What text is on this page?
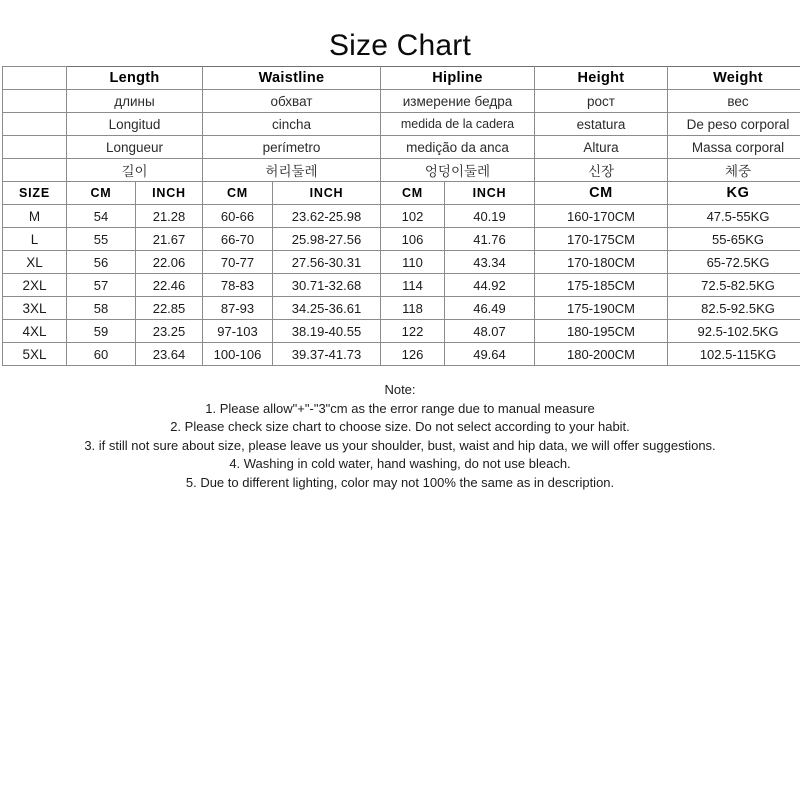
Size Chart
	Length		Waistline		Hipline		Height	Weight
	длины		обхват		измерение бедра		рост	вес
	Longitud		cincha		medida de la cadera		estatura	De peso corporal
	Longueur		perímetro		medição da anca		Altura	Massa corporal
	길이		허리둘레		엉덩이둘레		신장	체중
SIZE	CM	INCH	CM	INCH	CM	INCH	CM	KG
M	54	21.28	60-66	23.62-25.98	102	40.19	160-170CM	47.5-55KG
L	55	21.67	66-70	25.98-27.56	106	41.76	170-175CM	55-65KG
XL	56	22.06	70-77	27.56-30.31	110	43.34	170-180CM	65-72.5KG
2XL	57	22.46	78-83	30.71-32.68	114	44.92	175-185CM	72.5-82.5KG
3XL	58	22.85	87-93	34.25-36.61	118	46.49	175-190CM	82.5-92.5KG
4XL	59	23.25	97-103	38.19-40.55	122	48.07	180-195CM	92.5-102.5KG
5XL	60	23.64	100-106	39.37-41.73	126	49.64	180-200CM	102.5-115KG
Note:
1. Please allow"+"-"3"cm as the error range due to manual measure
2. Please check size chart to choose size. Do not select according to your habit.
3. if still not sure about size, please leave us your shoulder, bust, waist and hip data, we will offer suggestions.
4. Washing in cold water, hand washing, do not use bleach.
5. Due to different lighting, color may not 100% the same as in description.
